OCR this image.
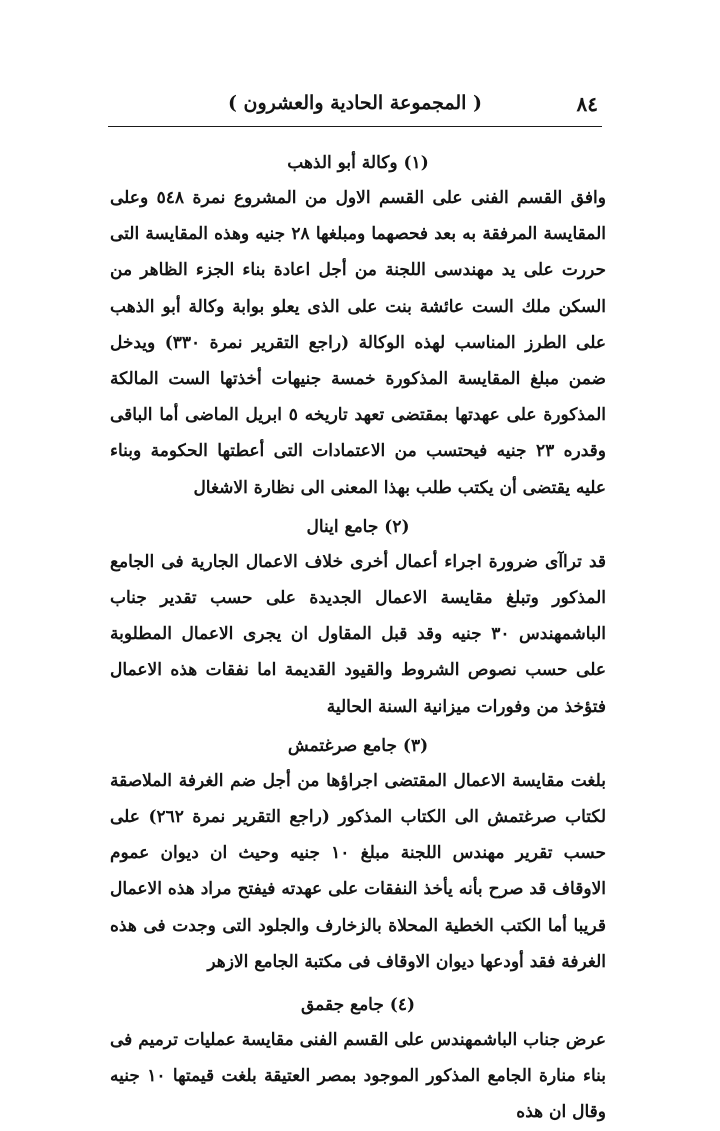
٨٤
( المجموعة الحادية والعشرون )
(١) وكالة أبو الذهب

وافق القسم الفنى على القسم الاول من المشروع نمرة ٥٤٨ وعلى المقايسة المرفقة به بعد فحصهما ومبلغها ٢٨ جنيه وهذه المقايسة التى حررت على يد مهندسى اللجنة من أجل اعادة بناء الجزء الظاهر من السكن ملك الست عائشة بنت على الذى يعلو بوابة وكالة أبو الذهب على الطرز المناسب لهذه الوكالة (راجع التقرير نمرة ٣٣٠) ويدخل ضمن مبلغ المقايسة المذكورة خمسة جنيهات أخذتها الست المالكة المذكورة على عهدتها بمقتضى تعهد تاريخه ٥ ابريل الماضى أما الباقى وقدره ٢٣ جنيه فيحتسب من الاعتمادات التى أعطتها الحكومة وبناء عليه يقتضى أن يكتب طلب بهذا المعنى الى نظارة الاشغال

(٢) جامع اينال

قد تراآى ضرورة اجراء أعمال أخرى خلاف الاعمال الجارية فى الجامع المذكور وتبلغ مقايسة الاعمال الجديدة على حسب تقدير جناب الباشمهندس ٣٠ جنيه وقد قبل المقاول ان يجرى الاعمال المطلوبة على حسب نصوص الشروط والقيود القديمة اما نفقات هذه الاعمال فتؤخذ من وفورات ميزانية السنة الحالية

(٣) جامع صرغتمش

بلغت مقايسة الاعمال المقتضى اجراؤها من أجل ضم الغرفة الملاصقة لكتاب صرغتمش الى الكتاب المذكور (راجع التقرير نمرة ٢٦٢) على حسب تقرير مهندس اللجنة مبلغ ١٠ جنيه وحيث ان ديوان عموم الاوقاف قد صرح بأنه يأخذ النفقات على عهدته فيفتح مراد هذه الاعمال قريبا أما الكتب الخطية المحلاة بالزخارف والجلود التى وجدت فى هذه الغرفة فقد أودعها ديوان الاوقاف فى مكتبة الجامع الازهر

(٤) جامع جقمق

عرض جناب الباشمهندس على القسم الفنى مقايسة عمليات ترميم فى بناء منارة الجامع المذكور الموجود بمصر العتيقة بلغت قيمتها ١٠ جنيه وقال ان هذه
